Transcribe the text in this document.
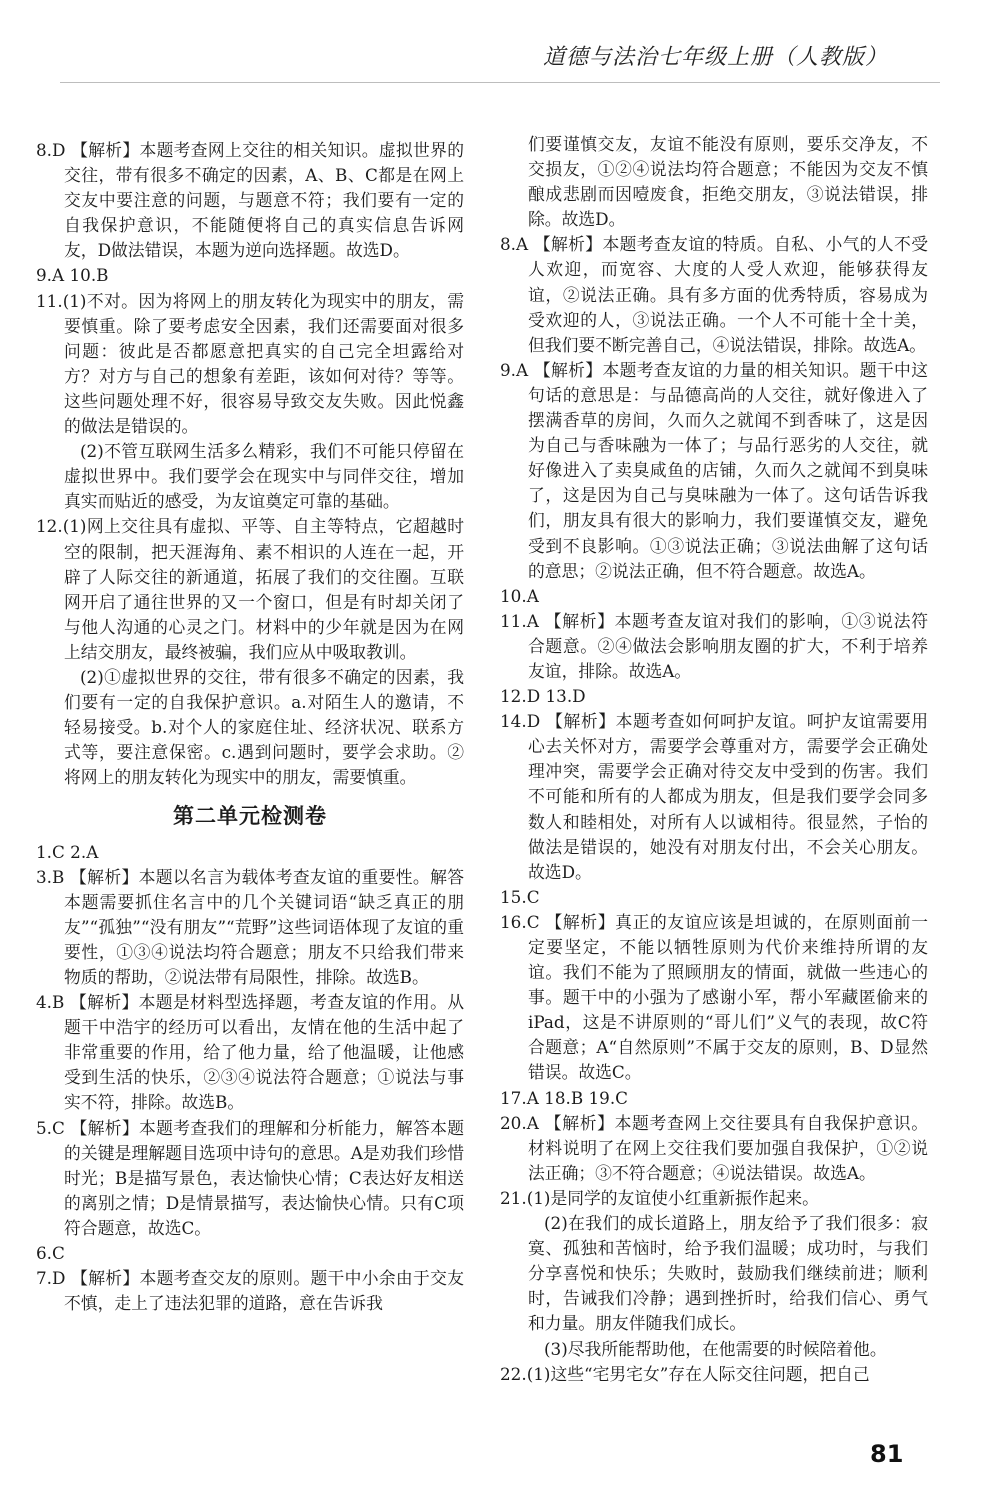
道德与法治七年级上册（人教版）

8.D 【解析】本题考查网上交往的相关知识。虚拟世界的交往，带有很多不确定的因素，A、B、C都是在网上交友中要注意的问题，与题意不符；我们要有一定的自我保护意识，不能随便将自己的真实信息告诉网友，D做法错误，本题为逆向选择题。故选D。

9.A 10.B

11.(1)不对。因为将网上的朋友转化为现实中的朋友，需要慎重。除了要考虑安全因素，我们还需要面对很多问题：彼此是否都愿意把真实的自己完全坦露给对方？对方与自己的想象有差距，该如何对待？等等。这些问题处理不好，很容易导致交友失败。因此悦鑫的做法是错误的。

(2)不管互联网生活多么精彩，我们不可能只停留在虚拟世界中。我们要学会在现实中与同伴交往，增加真实而贴近的感受，为友谊奠定可靠的基础。

12.(1)网上交往具有虚拟、平等、自主等特点，它超越时空的限制，把天涯海角、素不相识的人连在一起，开辟了人际交往的新通道，拓展了我们的交往圈。互联网开启了通往世界的又一个窗口，但是有时却关闭了与他人沟通的心灵之门。材料中的少年就是因为在网上结交朋友，最终被骗，我们应从中吸取教训。

(2)①虚拟世界的交往，带有很多不确定的因素，我们要有一定的自我保护意识。a.对陌生人的邀请，不轻易接受。b.对个人的家庭住址、经济状况、联系方式等，要注意保密。c.遇到问题时，要学会求助。②将网上的朋友转化为现实中的朋友，需要慎重。

第二单元检测卷

1.C 2.A

3.B 【解析】本题以名言为载体考查友谊的重要性。解答本题需要抓住名言中的几个关键词语“缺乏真正的朋友”“孤独”“没有朋友”“荒野”这些词语体现了友谊的重要性，①③④说法均符合题意；朋友不只给我们带来物质的帮助，②说法带有局限性，排除。故选B。

4.B 【解析】本题是材料型选择题，考查友谊的作用。从题干中浩宇的经历可以看出，友情在他的生活中起了非常重要的作用，给了他力量，给了他温暖，让他感受到生活的快乐，②③④说法符合题意；①说法与事实不符，排除。故选B。

5.C 【解析】本题考查我们的理解和分析能力，解答本题的关键是理解题目选项中诗句的意思。A是劝我们珍惜时光；B是描写景色，表达愉快心情；C表达好友相送的离别之情；D是情景描写，表达愉快心情。只有C项符合题意，故选C。

6.C

7.D 【解析】本题考查交友的原则。题干中小余由于交友不慎，走上了违法犯罪的道路，意在告诉我

们要谨慎交友，友谊不能没有原则，要乐交净友，不交损友，①②④说法均符合题意；不能因为交友不慎酿成悲剧而因噎废食，拒绝交朋友，③说法错误，排除。故选D。

8.A 【解析】本题考查友谊的特质。自私、小气的人不受人欢迎，而宽容、大度的人受人欢迎，能够获得友谊，②说法正确。具有多方面的优秀特质，容易成为受欢迎的人，③说法正确。一个人不可能十全十美，但我们要不断完善自己，④说法错误，排除。故选A。

9.A 【解析】本题考查友谊的力量的相关知识。题干中这句话的意思是：与品德高尚的人交往，就好像进入了摆满香草的房间，久而久之就闻不到香味了，这是因为自己与香味融为一体了；与品行恶劣的人交往，就好像进入了卖臭咸鱼的店铺，久而久之就闻不到臭味了，这是因为自己与臭味融为一体了。这句话告诉我们，朋友具有很大的影响力，我们要谨慎交友，避免受到不良影响。①③说法正确；③说法曲解了这句话的意思；②说法正确，但不符合题意。故选A。

10.A

11.A 【解析】本题考查友谊对我们的影响，①③说法符合题意。②④做法会影响朋友圈的扩大，不利于培养友谊，排除。故选A。

12.D 13.D

14.D 【解析】本题考查如何呵护友谊。呵护友谊需要用心去关怀对方，需要学会尊重对方，需要学会正确处理冲突，需要学会正确对待交友中受到的伤害。我们不可能和所有的人都成为朋友，但是我们要学会同多数人和睦相处，对所有人以诚相待。很显然，子怡的做法是错误的，她没有对朋友付出，不会关心朋友。故选D。

15.C

16.C 【解析】真正的友谊应该是坦诚的，在原则面前一定要坚定，不能以牺牲原则为代价来维持所谓的友谊。我们不能为了照顾朋友的情面，就做一些违心的事。题干中的小强为了感谢小军，帮小军藏匿偷来的iPad，这是不讲原则的“哥儿们”义气的表现，故C符合题意；A“自然原则”不属于交友的原则，B、D显然错误。故选C。

17.A 18.B 19.C

20.A 【解析】本题考查网上交往要具有自我保护意识。材料说明了在网上交往我们要加强自我保护，①②说法正确；③不符合题意；④说法错误。故选A。

21.(1)是同学的友谊使小红重新振作起来。

(2)在我们的成长道路上，朋友给予了我们很多：寂寞、孤独和苦恼时，给予我们温暖；成功时，与我们分享喜悦和快乐；失败时，鼓励我们继续前进；顺利时，告诫我们冷静；遇到挫折时，给我们信心、勇气和力量。朋友伴随我们成长。

(3)尽我所能帮助他，在他需要的时候陪着他。

22.(1)这些“宅男宅女”存在人际交往问题，把自己

81
